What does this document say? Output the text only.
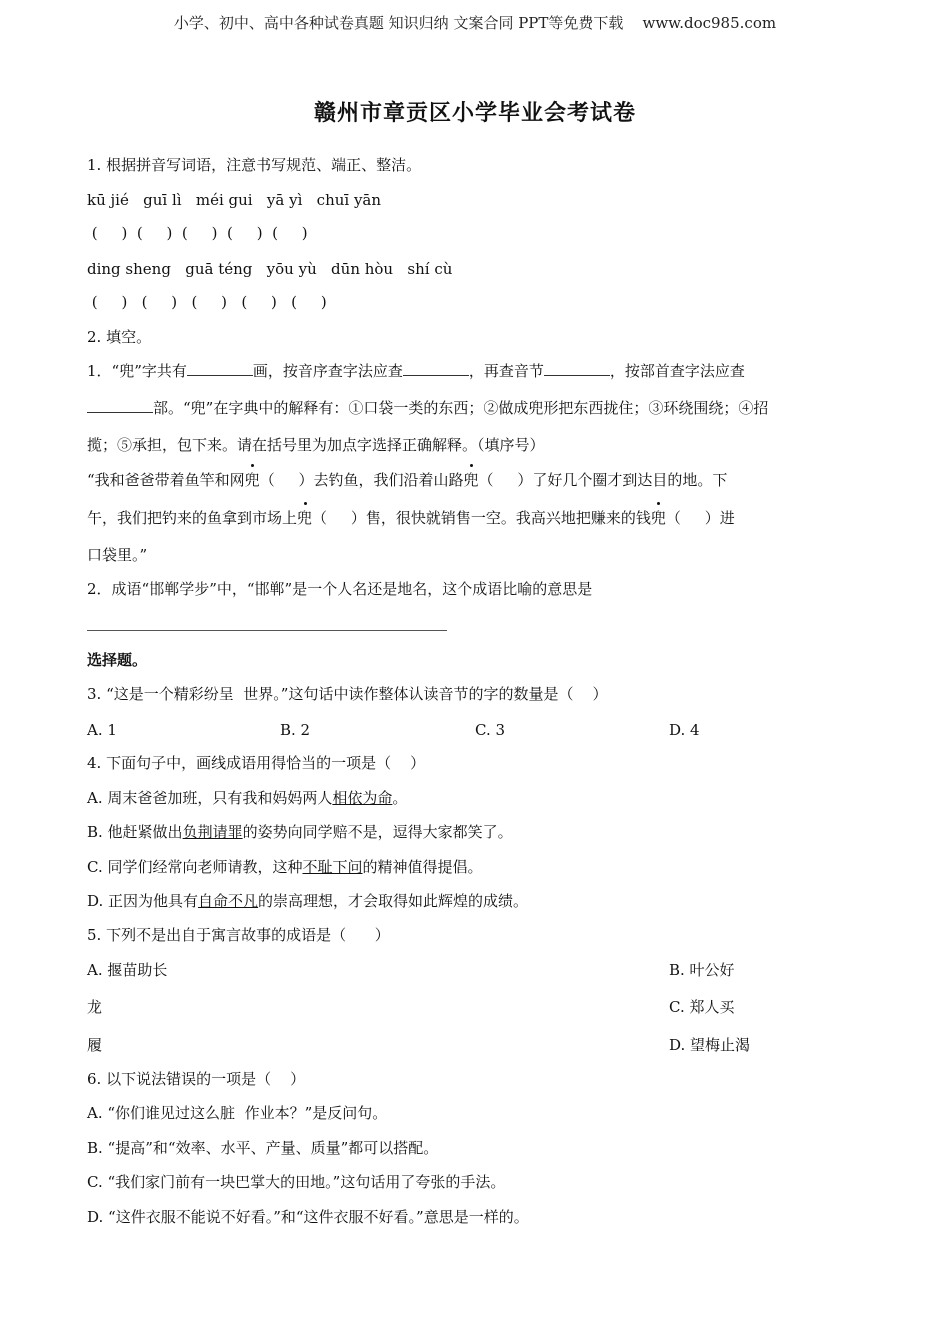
小学、初中、高中各种试卷真题 知识归纳 文案合同 PPT等免费下载    www.doc985.com
赣州市章贡区小学毕业会考试卷
1. 根据拼音写词语，注意书写规范、端正、整洁。
kū jié   guī lì   méi gui   yā yì   chuī yān
(     )  (     )  (     )  (     )  (     )
ding sheng   guā téng   yōu yù   dūn hòu   shí cù
(     )   (     )   (     )   (     )   (     )
2. 填空。
1．“兜”字共有	画，按音序查字法应查	，再查音节	，按部首查字法应查
部。“兜”在字典中的解释有：①口袋一类的东西；②做成兜形把东西拢住；③环绕围绕；④招
揽；⑤承担，包下来。请在括号里为加点字选择正确解释。（填序号）
“我和爸爸带着鱼竿和网兜（     ）去钓鱼，我们沿着山路兜（     ）了好几个圈才到达目的地。下
午，我们把钓来的鱼拿到市场上兜（     ）售，很快就销售一空。我高兴地把赚来的钱兜（     ）进
口袋里。”
2．成语“邯郸学步”中，“邯郸”是一个人名还是地名，这个成语比喻的意思是
选择题。
3. “这是一个精彩纷呈  世界。”这句话中读作整体认读音节的字的数量是（    ）
A. 1	B. 2	C. 3	D. 4
4. 下面句子中，画线成语用得恰当的一项是（    ）
A. 周末爸爸加班，只有我和妈妈两人相依为命。
B. 他赶紧做出负荆请罪的姿势向同学赔不是，逗得大家都笑了。
C. 同学们经常向老师请教，这种不耻下问的精神值得提倡。
D. 正因为他具有自命不凡的崇高理想，才会取得如此辉煌的成绩。
5. 下列不是出自于寓言故事的成语是（      ）
A. 揠苗助长	B. 叶公好
龙	C. 郑人买
履	D. 望梅止渴
6. 以下说法错误的一项是（    ）
A. “你们谁见过这么脏  作业本？”是反问句。
B. “提高”和“效率、水平、产量、质量”都可以搭配。
C. “我们家门前有一块巴掌大的田地。”这句话用了夸张的手法。
D. “这件衣服不能说不好看。”和“这件衣服不好看。”意思是一样的。
